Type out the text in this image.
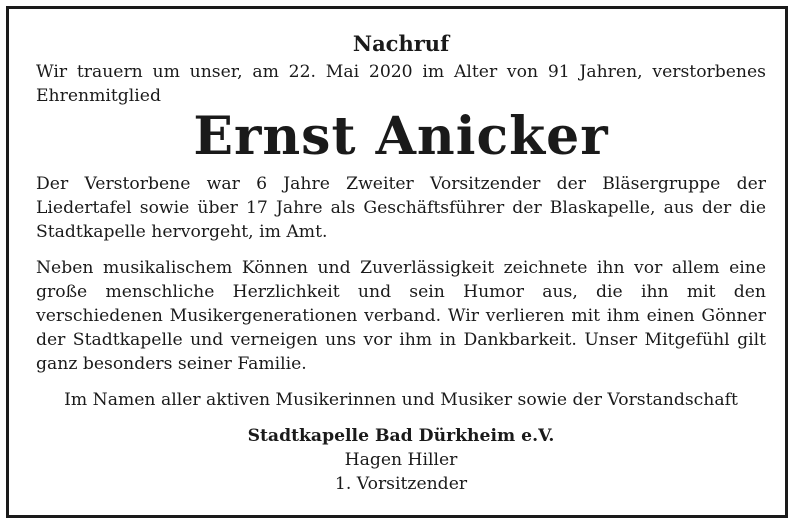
Nachruf

Wir trauern um unser, am 22. Mai 2020 im Alter von 91 Jahren, verstorbenes Ehrenmitglied

Ernst Anicker

Der Verstorbene war 6 Jahre Zweiter Vorsitzender der Bläsergruppe der Liedertafel sowie über 17 Jahre als Geschäftsführer der Blaskapelle, aus der die Stadtkapelle hervorgeht, im Amt.

Neben musikalischem Können und Zuverlässigkeit zeichnete ihn vor allem eine große menschliche Herzlichkeit und sein Humor aus, die ihn mit den verschiedenen Musikergenerationen verband. Wir verlieren mit ihm einen Gönner der Stadtkapelle und verneigen uns vor ihm in Dankbarkeit. Unser Mitgefühl gilt ganz besonders seiner Familie.

Im Namen aller aktiven Musikerinnen und Musiker sowie der Vorstandschaft
Stadtkapelle Bad Dürkheim e.V.
Hagen Hiller
1. Vorsitzender
